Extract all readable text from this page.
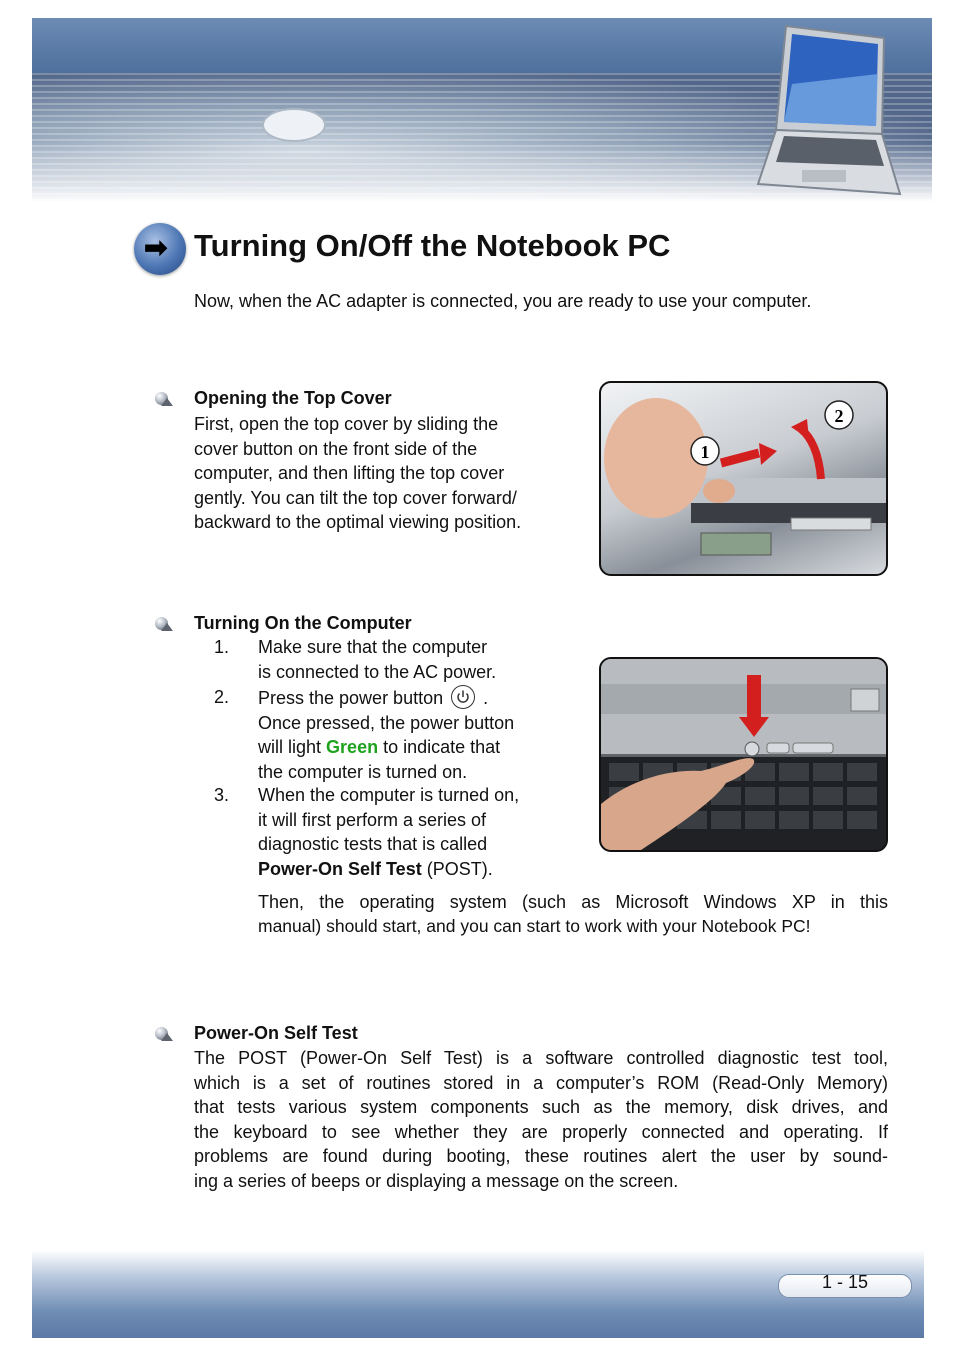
➡ Turning On/Off the Notebook PC
Now, when the AC adapter is connected, you are ready to use your computer.
Opening the Top Cover
First, open the top cover by sliding the
cover button on the front side of the
computer, and then lifting the top cover
gently. You can tilt the top cover forward/
backward to the optimal viewing position.
1
2
Turning On the Computer
1. Make sure that the computer
is connected to the AC power.
2. Press the power button .
Once pressed, the power button
will light Green to indicate that
the computer is turned on.
3. When the computer is turned on,
it will first perform a series of
diagnostic tests that is called
Power-On Self Test (POST).
Then, the operating system (such as Microsoft Windows XP in this
manual) should start, and you can start to work with your Notebook PC!
Power-On Self Test
The POST (Power-On Self Test) is a software controlled diagnostic test tool,
which is a set of routines stored in a computer’s ROM (Read-Only Memory)
that tests various system components such as the memory, disk drives, and
the keyboard to see whether they are properly connected and operating. If
problems are found during booting, these routines alert the user by sound-
ing a series of beeps or displaying a message on the screen.
1 - 15
